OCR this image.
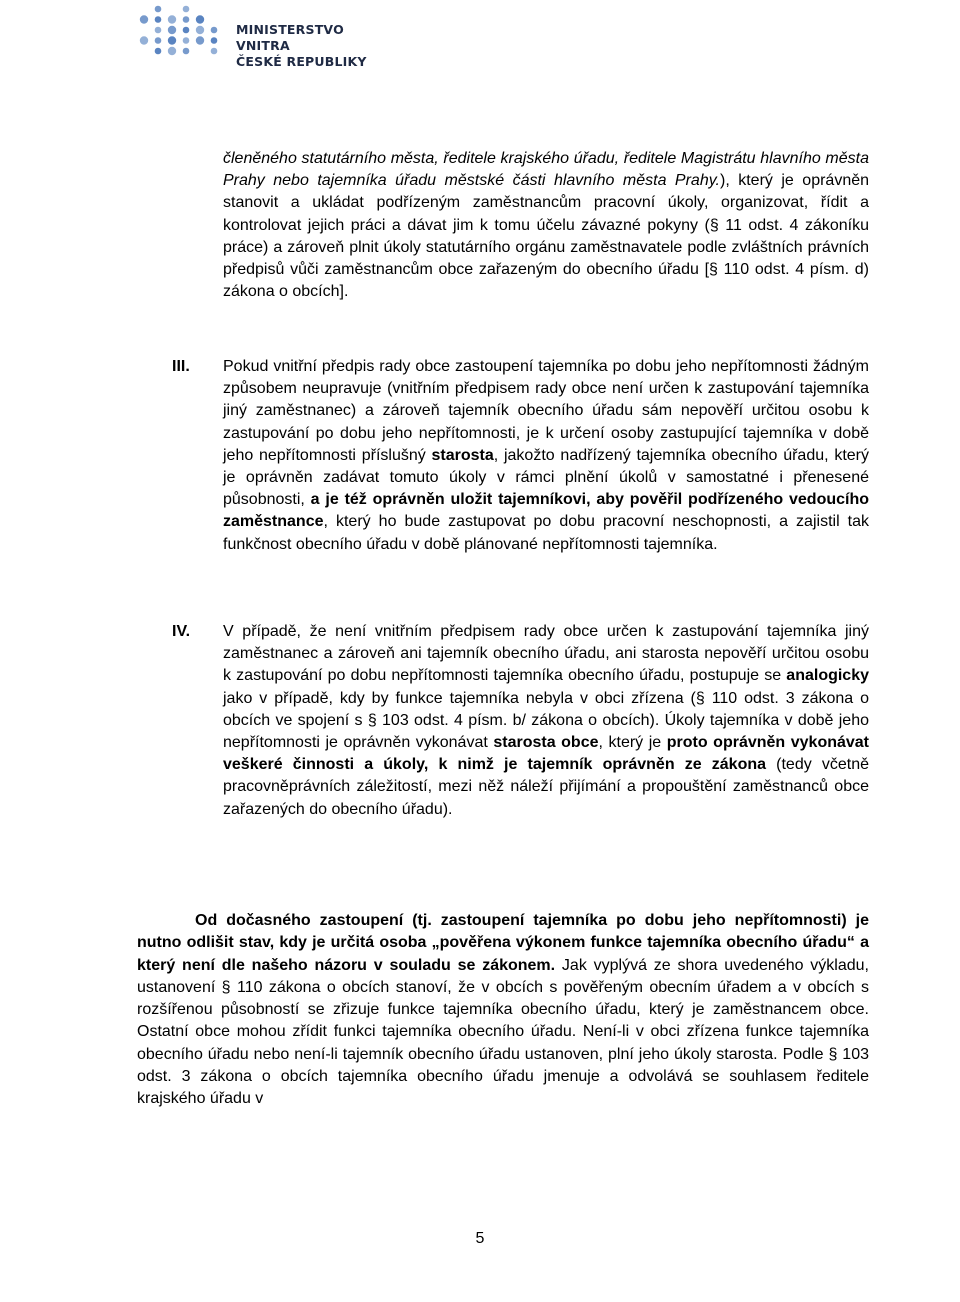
MINISTERSTVO VNITRA
ČESKÉ REPUBLIKY
členěného statutárního města, ředitele krajského úřadu, ředitele Magistrátu hlavního města Prahy nebo tajemníka úřadu městské části hlavního města Prahy.), který je oprávněn stanovit a ukládat podřízeným zaměstnancům pracovní úkoly, organizovat, řídit a kontrolovat jejich práci a dávat jim k tomu účelu závazné pokyny (§ 11 odst. 4 zákoníku práce) a zároveň plnit úkoly statutárního orgánu zaměstnavatele podle zvláštních právních předpisů vůči zaměstnancům obce zařazeným do obecního úřadu [§ 110 odst. 4 písm. d) zákona o obcích].
III. Pokud vnitřní předpis rady obce zastoupení tajemníka po dobu jeho nepřítomnosti žádným způsobem neupravuje (vnitřním předpisem rady obce není určen k zastupování tajemníka jiný zaměstnanec) a zároveň tajemník obecního úřadu sám nepověří určitou osobu k zastupování po dobu jeho nepřítomnosti, je k určení osoby zastupující tajemníka v době jeho nepřítomnosti příslušný starosta, jakožto nadřízený tajemníka obecního úřadu, který je oprávněn zadávat tomuto úkoly v rámci plnění úkolů v samostatné i přenesené působnosti, a je též oprávněn uložit tajemníkovi, aby pověřil podřízeného vedoucího zaměstnance, který ho bude zastupovat po dobu pracovní neschopnosti, a zajistil tak funkčnost obecního úřadu v době plánované nepřítomnosti tajemníka.
IV. V případě, že není vnitřním předpisem rady obce určen k zastupování tajemníka jiný zaměstnanec a zároveň ani tajemník obecního úřadu, ani starosta nepověří určitou osobu k zastupování po dobu nepřítomnosti tajemníka obecního úřadu, postupuje se analogicky jako v případě, kdy by funkce tajemníka nebyla v obci zřízena (§ 110 odst. 3 zákona o obcích ve spojení s § 103 odst. 4 písm. b/ zákona o obcích). Úkoly tajemníka v době jeho nepřítomnosti je oprávněn vykonávat starosta obce, který je proto oprávněn vykonávat veškeré činnosti a úkoly, k nimž je tajemník oprávněn ze zákona (tedy včetně pracovněprávních záležitostí, mezi něž náleží přijímání a propouštění zaměstnanců obce zařazených do obecního úřadu).
Od dočasného zastoupení (tj. zastoupení tajemníka po dobu jeho nepřítomnosti) je nutno odlišit stav, kdy je určitá osoba „pověřena výkonem funkce tajemníka obecního úřadu“ a který není dle našeho názoru v souladu se zákonem. Jak vyplývá ze shora uvedeného výkladu, ustanovení § 110 zákona o obcích stanoví, že v obcích s pověřeným obecním úřadem a v obcích s rozšířenou působností se zřizuje funkce tajemníka obecního úřadu, který je zaměstnancem obce. Ostatní obce mohou zřídit funkci tajemníka obecního úřadu. Není-li v obci zřízena funkce tajemníka obecního úřadu nebo není-li tajemník obecního úřadu ustanoven, plní jeho úkoly starosta. Podle § 103 odst. 3 zákona o obcích tajemníka obecního úřadu jmenuje a odvolává se souhlasem ředitele krajského úřadu v
5
